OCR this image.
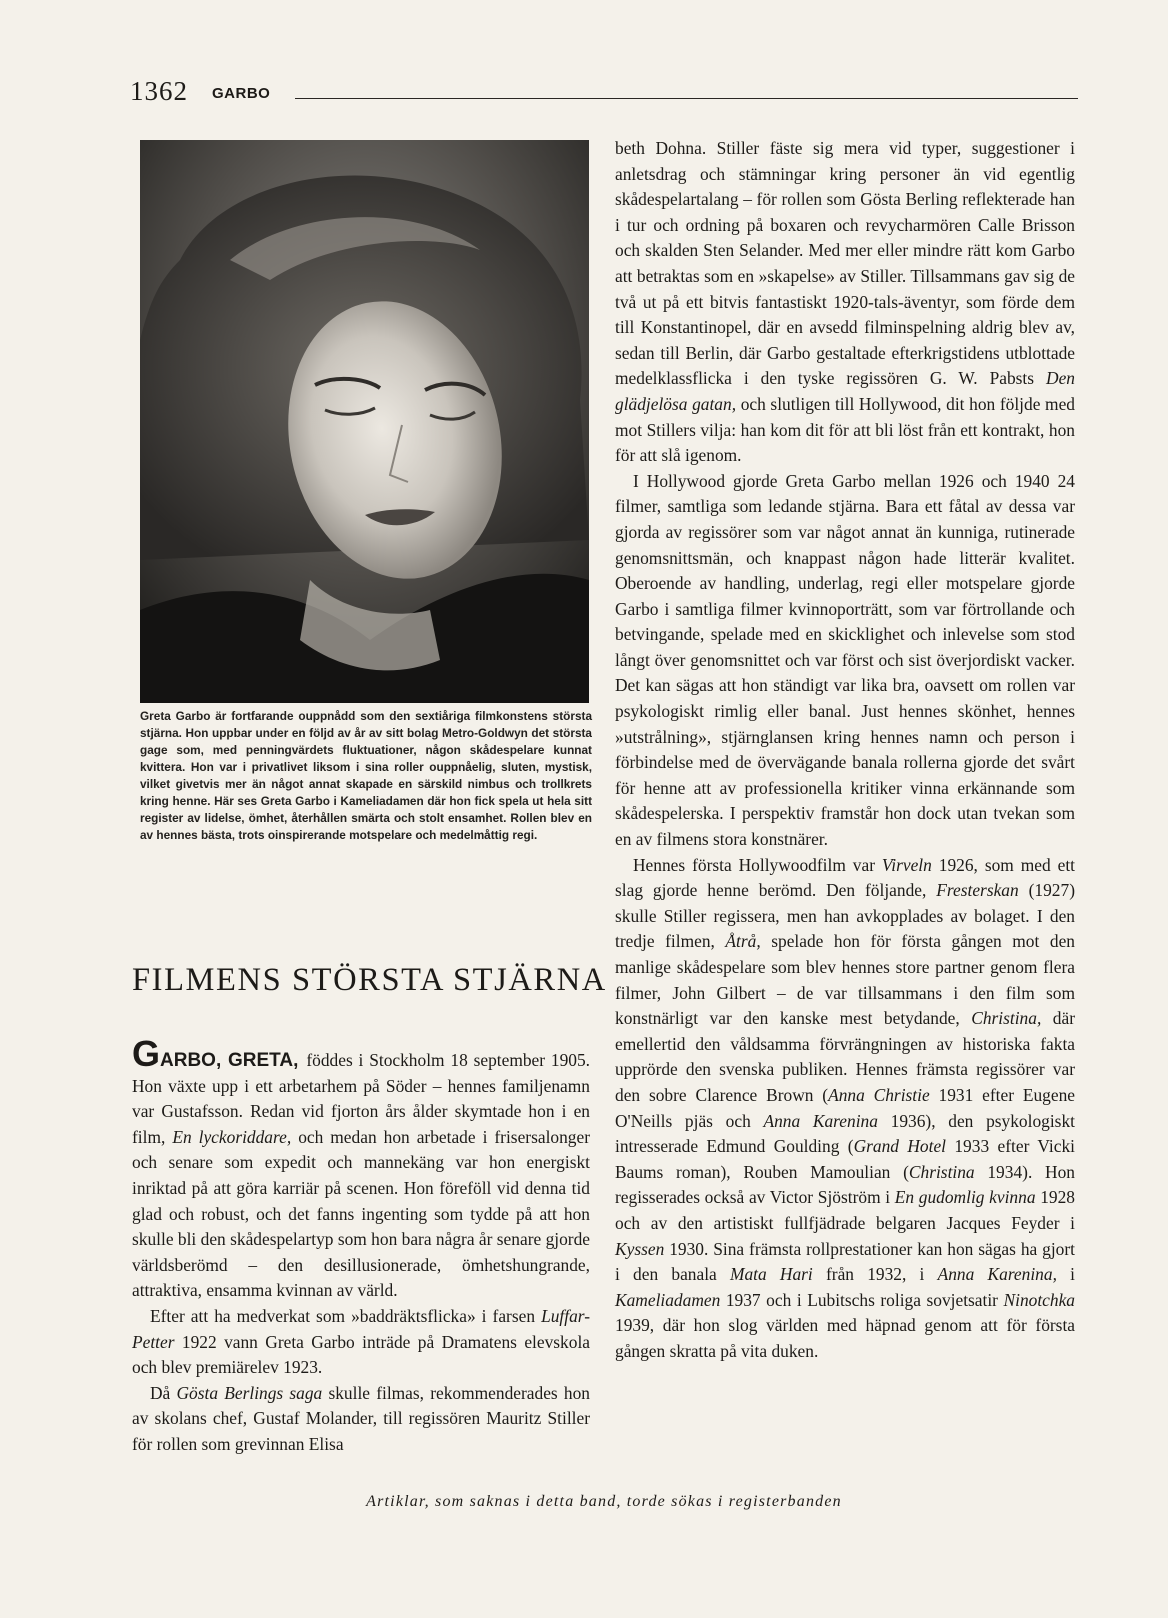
1362 GARBO
Greta Garbo är fortfarande ouppnådd som den sextiåriga filmkonstens största stjärna. Hon uppbar under en följd av år av sitt bolag Metro-Goldwyn det största gage som, med penningvärdets fluktuationer, någon skådespelare kunnat kvittera. Hon var i privatlivet liksom i sina roller ouppnåelig, sluten, mystisk, vilket givetvis mer än något annat skapade en särskild nimbus och trollkrets kring henne. Här ses Greta Garbo i Kameliadamen där hon fick spela ut hela sitt register av lidelse, ömhet, återhållen smärta och stolt ensamhet. Rollen blev en av hennes bästa, trots oinspirerande motspelare och medelmåttig regi.
FILMENS STÖRSTA STJÄRNA

GARBO, GRETA, föddes i Stockholm 18 september 1905. Hon växte upp i ett arbetarhem på Söder – hennes familjenamn var Gustafsson. Redan vid fjorton års ålder skymtade hon i en film, En lyckoriddare, och medan hon arbetade i frisersalonger och senare som expedit och mannekäng var hon energiskt inriktad på att göra karriär på scenen. Hon föreföll vid denna tid glad och robust, och det fanns ingenting som tydde på att hon skulle bli den skådespelartyp som hon bara några år senare gjorde världsberömd – den desillusionerade, ömhetshungrande, attraktiva, ensamma kvinnan av värld.

Efter att ha medverkat som »baddräktsflicka» i farsen Luffar-Petter 1922 vann Greta Garbo inträde på Dramatens elevskola och blev premiärelev 1923.

Då Gösta Berlings saga skulle filmas, rekommenderades hon av skolans chef, Gustaf Molander, till regissören Mauritz Stiller för rollen som grevinnan Elisa

beth Dohna. Stiller fäste sig mera vid typer, suggestioner i anletsdrag och stämningar kring personer än vid egentlig skådespelartalang – för rollen som Gösta Berling reflekterade han i tur och ordning på boxaren och revycharmören Calle Brisson och skalden Sten Selander. Med mer eller mindre rätt kom Garbo att betraktas som en »skapelse» av Stiller. Tillsammans gav sig de två ut på ett bitvis fantastiskt 1920-tals-äventyr, som förde dem till Konstantinopel, där en avsedd filminspelning aldrig blev av, sedan till Berlin, där Garbo gestaltade efterkrigstidens utblottade medelklassflicka i den tyske regissören G. W. Pabsts Den glädjelösa gatan, och slutligen till Hollywood, dit hon följde med mot Stillers vilja: han kom dit för att bli löst från ett kontrakt, hon för att slå igenom.

I Hollywood gjorde Greta Garbo mellan 1926 och 1940 24 filmer, samtliga som ledande stjärna. Bara ett fåtal av dessa var gjorda av regissörer som var något annat än kunniga, rutinerade genomsnittsmän, och knappast någon hade litterär kvalitet. Oberoende av handling, underlag, regi eller motspelare gjorde Garbo i samtliga filmer kvinnoporträtt, som var förtrollande och betvingande, spelade med en skicklighet och inlevelse som stod långt över genomsnittet och var först och sist överjordiskt vacker. Det kan sägas att hon ständigt var lika bra, oavsett om rollen var psykologiskt rimlig eller banal. Just hennes skönhet, hennes »utstrålning», stjärnglansen kring hennes namn och person i förbindelse med de övervägande banala rollerna gjorde det svårt för henne att av professionella kritiker vinna erkännande som skådespelerska. I perspektiv framstår hon dock utan tvekan som en av filmens stora konstnärer.

Hennes första Hollywoodfilm var Virveln 1926, som med ett slag gjorde henne berömd. Den följande, Fresterskan (1927) skulle Stiller regissera, men han avkopplades av bolaget. I den tredje filmen, Åtrå, spelade hon för första gången mot den manlige skådespelare som blev hennes store partner genom flera filmer, John Gilbert – de var tillsammans i den film som konstnärligt var den kanske mest betydande, Christina, där emellertid den våldsamma förvrängningen av historiska fakta upprörde den svenska publiken. Hennes främsta regissörer var den sobre Clarence Brown (Anna Christie 1931 efter Eugene O'Neills pjäs och Anna Karenina 1936), den psykologiskt intresserade Edmund Goulding (Grand Hotel 1933 efter Vicki Baums roman), Rouben Mamoulian (Christina 1934). Hon regisserades också av Victor Sjöström i En gudomlig kvinna 1928 och av den artistiskt fullfjädrade belgaren Jacques Feyder i Kyssen 1930. Sina främsta rollprestationer kan hon sägas ha gjort i den banala Mata Hari från 1932, i Anna Karenina, i Kameliadamen 1937 och i Lubitschs roliga sovjetsatir Ninotchka 1939, där hon slog världen med häpnad genom att för första gången skratta på vita duken.

Artiklar, som saknas i detta band, torde sökas i registerbanden
